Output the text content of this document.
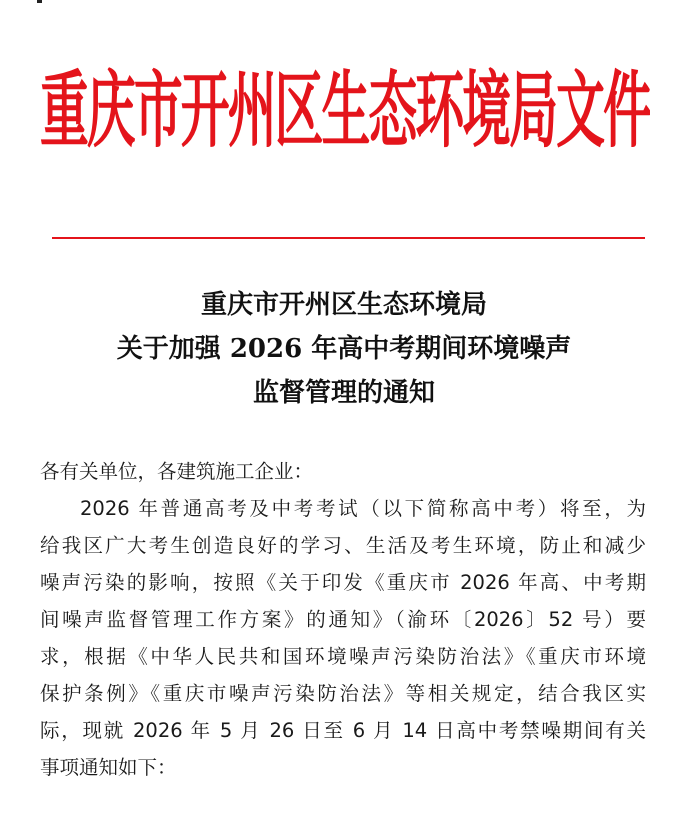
重庆市开州区生态环境局文件
重庆市开州区生态环境局
关于加强 2026 年高中考期间环境噪声
监督管理的通知

各有关单位，各建筑施工企业：

2026 年普通高考及中考考试（以下简称高中考）将至，为
给我区广大考生创造良好的学习、生活及考生环境，防止和减少
噪声污染的影响，按照《关于印发《重庆市 2026 年高、中考期
间噪声监督管理工作方案》的通知》（渝环〔2026〕52 号）要
求，根据《中华人民共和国环境噪声污染防治法》《重庆市环境
保护条例》《重庆市噪声污染防治法》等相关规定，结合我区实
际，现就 2026 年 5 月 26 日至 6 月 14 日高中考禁噪期间有关
事项通知如下：
